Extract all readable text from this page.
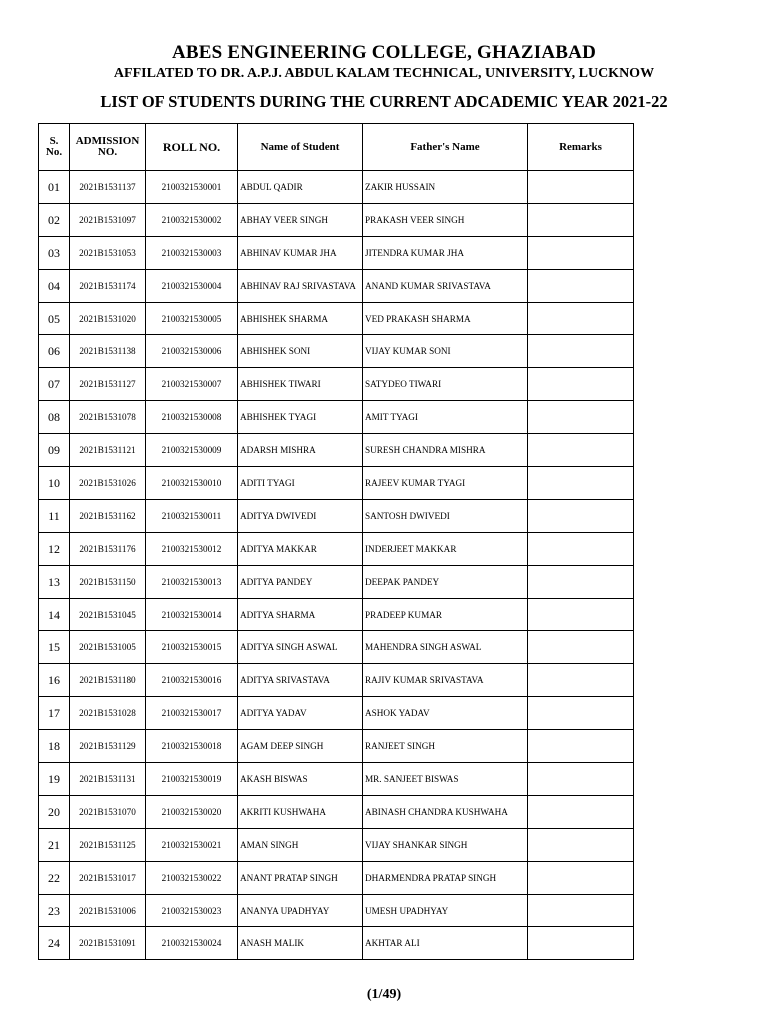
ABES ENGINEERING COLLEGE, GHAZIABAD
AFFILATED TO DR. A.P.J. ABDUL KALAM TECHNICAL, UNIVERSITY, LUCKNOW
LIST OF STUDENTS DURING THE CURRENT ADCADEMIC YEAR 2021-22
S. No.	ADMISSION NO.	ROLL NO.	Name of Student	Father's Name	Remarks
01	2021B1531137	2100321530001	ABDUL QADIR	ZAKIR HUSSAIN	
02	2021B1531097	2100321530002	ABHAY VEER SINGH	PRAKASH VEER SINGH	
03	2021B1531053	2100321530003	ABHINAV KUMAR JHA	JITENDRA KUMAR JHA	
04	2021B1531174	2100321530004	ABHINAV RAJ SRIVASTAVA	ANAND KUMAR SRIVASTAVA	
05	2021B1531020	2100321530005	ABHISHEK SHARMA	VED PRAKASH SHARMA	
06	2021B1531138	2100321530006	ABHISHEK SONI	VIJAY KUMAR SONI	
07	2021B1531127	2100321530007	ABHISHEK TIWARI	SATYDEO TIWARI	
08	2021B1531078	2100321530008	ABHISHEK TYAGI	AMIT TYAGI	
09	2021B1531121	2100321530009	ADARSH MISHRA	SURESH CHANDRA MISHRA	
10	2021B1531026	2100321530010	ADITI TYAGI	RAJEEV KUMAR TYAGI	
11	2021B1531162	2100321530011	ADITYA DWIVEDI	SANTOSH DWIVEDI	
12	2021B1531176	2100321530012	ADITYA MAKKAR	INDERJEET MAKKAR	
13	2021B1531150	2100321530013	ADITYA PANDEY	DEEPAK PANDEY	
14	2021B1531045	2100321530014	ADITYA SHARMA	PRADEEP KUMAR	
15	2021B1531005	2100321530015	ADITYA SINGH ASWAL	MAHENDRA SINGH ASWAL	
16	2021B1531180	2100321530016	ADITYA SRIVASTAVA	RAJIV KUMAR SRIVASTAVA	
17	2021B1531028	2100321530017	ADITYA YADAV	ASHOK YADAV	
18	2021B1531129	2100321530018	AGAM DEEP SINGH	RANJEET SINGH	
19	2021B1531131	2100321530019	AKASH BISWAS	MR. SANJEET BISWAS	
20	2021B1531070	2100321530020	AKRITI KUSHWAHA	ABINASH CHANDRA KUSHWAHA	
21	2021B1531125	2100321530021	AMAN SINGH	VIJAY SHANKAR SINGH	
22	2021B1531017	2100321530022	ANANT PRATAP SINGH	DHARMENDRA PRATAP SINGH	
23	2021B1531006	2100321530023	ANANYA UPADHYAY	UMESH UPADHYAY	
24	2021B1531091	2100321530024	ANASH MALIK	AKHTAR ALI	
(1/49)
